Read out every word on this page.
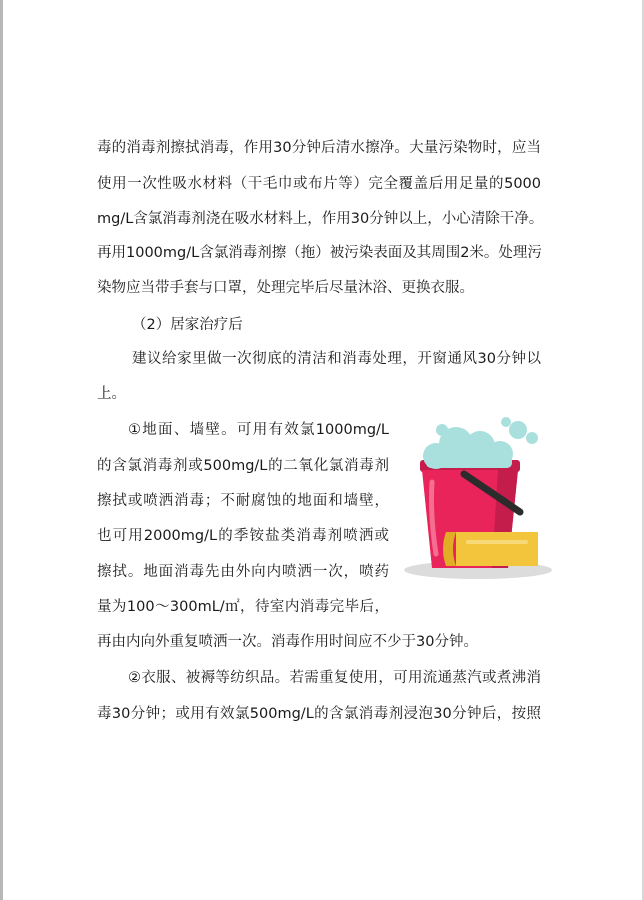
毒的消毒剂擦拭消毒，作用30分钟后清水擦净。大量污染物时，应当
使用一次性吸水材料（干毛巾或布片等）完全覆盖后用足量的5000
mg/L含氯消毒剂浇在吸水材料上，作用30分钟以上，小心清除干净。
再用1000mg/L含氯消毒剂擦（拖）被污染表面及其周围2米。处理污
染物应当带手套与口罩，处理完毕后尽量沐浴、更换衣服。
（2）居家治疗后
建议给家里做一次彻底的清洁和消毒处理，开窗通风30分钟以
上。
①地面、墙壁。可用有效氯1000mg/L
的含氯消毒剂或500mg/L的二氧化氯消毒剂
擦拭或喷洒消毒；不耐腐蚀的地面和墙壁，
也可用2000mg/L的季铵盐类消毒剂喷洒或
擦拭。地面消毒先由外向内喷洒一次，喷药
量为100～300mL/㎡，待室内消毒完毕后，
再由内向外重复喷洒一次。消毒作用时间应不少于30分钟。
②衣服、被褥等纺织品。若需重复使用，可用流通蒸汽或煮沸消
毒30分钟；或用有效氯500mg/L的含氯消毒剂浸泡30分钟后，按照
